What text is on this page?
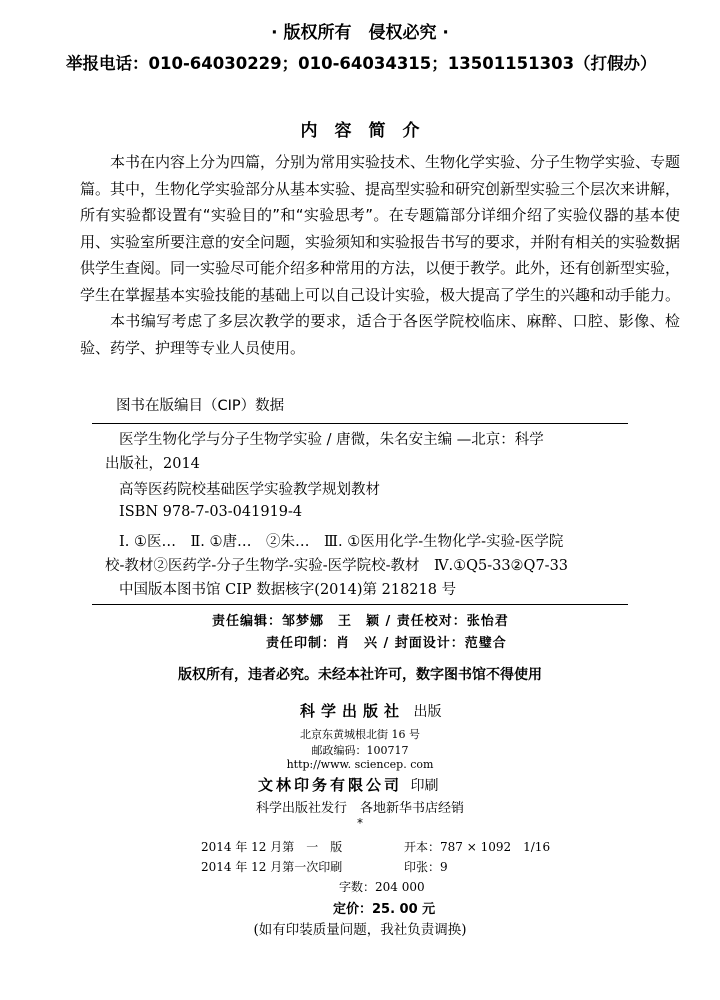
· 版权所有　侵权必究 ·
举报电话：010-64030229；010-64034315；13501151303（打假办）
内　容　简　介
本书在内容上分为四篇，分别为常用实验技术、生物化学实验、分子生物学实验、专题篇。其中，生物化学实验部分从基本实验、提高型实验和研究创新型实验三个层次来讲解，所有实验都设置有“实验目的”和“实验思考”。在专题篇部分详细介绍了实验仪器的基本使用、实验室所要注意的安全问题，实验须知和实验报告书写的要求，并附有相关的实验数据供学生查阅。同一实验尽可能介绍多种常用的方法，以便于教学。此外，还有创新型实验，学生在掌握基本实验技能的基础上可以自己设计实验，极大提高了学生的兴趣和动手能力。
本书编写考虑了多层次教学的要求，适合于各医学院校临床、麻醉、口腔、影像、检验、药学、护理等专业人员使用。
图书在版编目（CIP）数据
医学生物化学与分子生物学实验 / 唐微，朱名安主编 —北京：科学
出版社，2014
高等医药院校基础医学实验教学规划教材
ISBN 978-7-03-041919-4
Ⅰ. ①医…　Ⅱ. ①唐…　②朱…　Ⅲ. ①医用化学-生物化学-实验-医学院
校-教材②医药学-分子生物学-实验-医学院校-教材　Ⅳ.①Q5-33②Q7-33
中国版本图书馆 CIP 数据核字(2014)第 218218 号
责任编辑：邹梦娜　王　颖 / 责任校对：张怡君
责任印制：肖　兴 / 封面设计：范璧合
版权所有，违者必究。未经本社许可，数字图书馆不得使用
科学出版社 出版
北京东黄城根北街 16 号
邮政编码：100717
http://www. sciencep. com
文林印务有限公司 印刷
科学出版社发行　各地新华书店经销
*
2014 年 12 月第　一　版	开本：787 × 1092　1/16
2014 年 12 月第一次印刷	印张：9
字数：204 000
定价：25. 00 元
(如有印装质量问题，我社负责调换)
